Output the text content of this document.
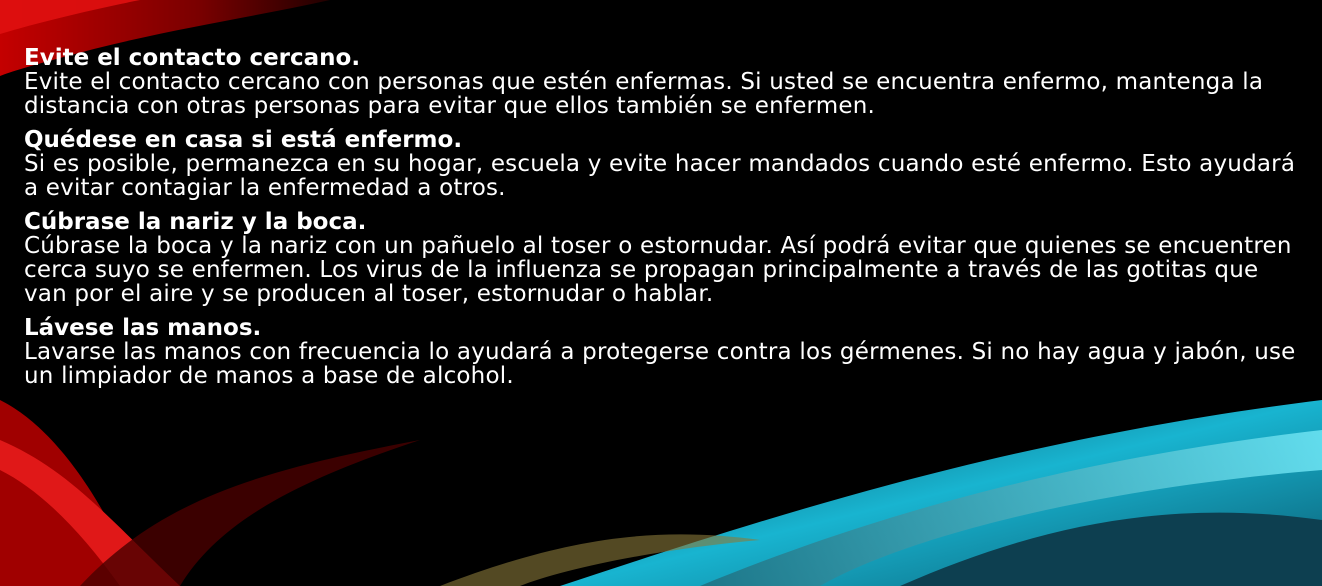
Evite el contacto cercano.

Evite el contacto cercano con personas que estén enfermas. Si usted se encuentra enfermo, mantenga la distancia con otras personas para evitar que ellos también se enfermen.

Quédese en casa si está enfermo.

Si es posible, permanezca en su hogar, escuela y evite hacer mandados cuando esté enfermo. Esto ayudará a evitar contagiar la enfermedad a otros.

Cúbrase la nariz y la boca.

Cúbrase la boca y la nariz con un pañuelo al toser o estornudar. Así podrá evitar que quienes se encuentren cerca suyo se enfermen. Los virus de la influenza se propagan principalmente a través de las gotitas que van por el aire y se producen al toser, estornudar o hablar.

Lávese las manos.

Lavarse las manos con frecuencia lo ayudará a protegerse contra los gérmenes. Si no hay agua y jabón, use un limpiador de manos a base de alcohol.
